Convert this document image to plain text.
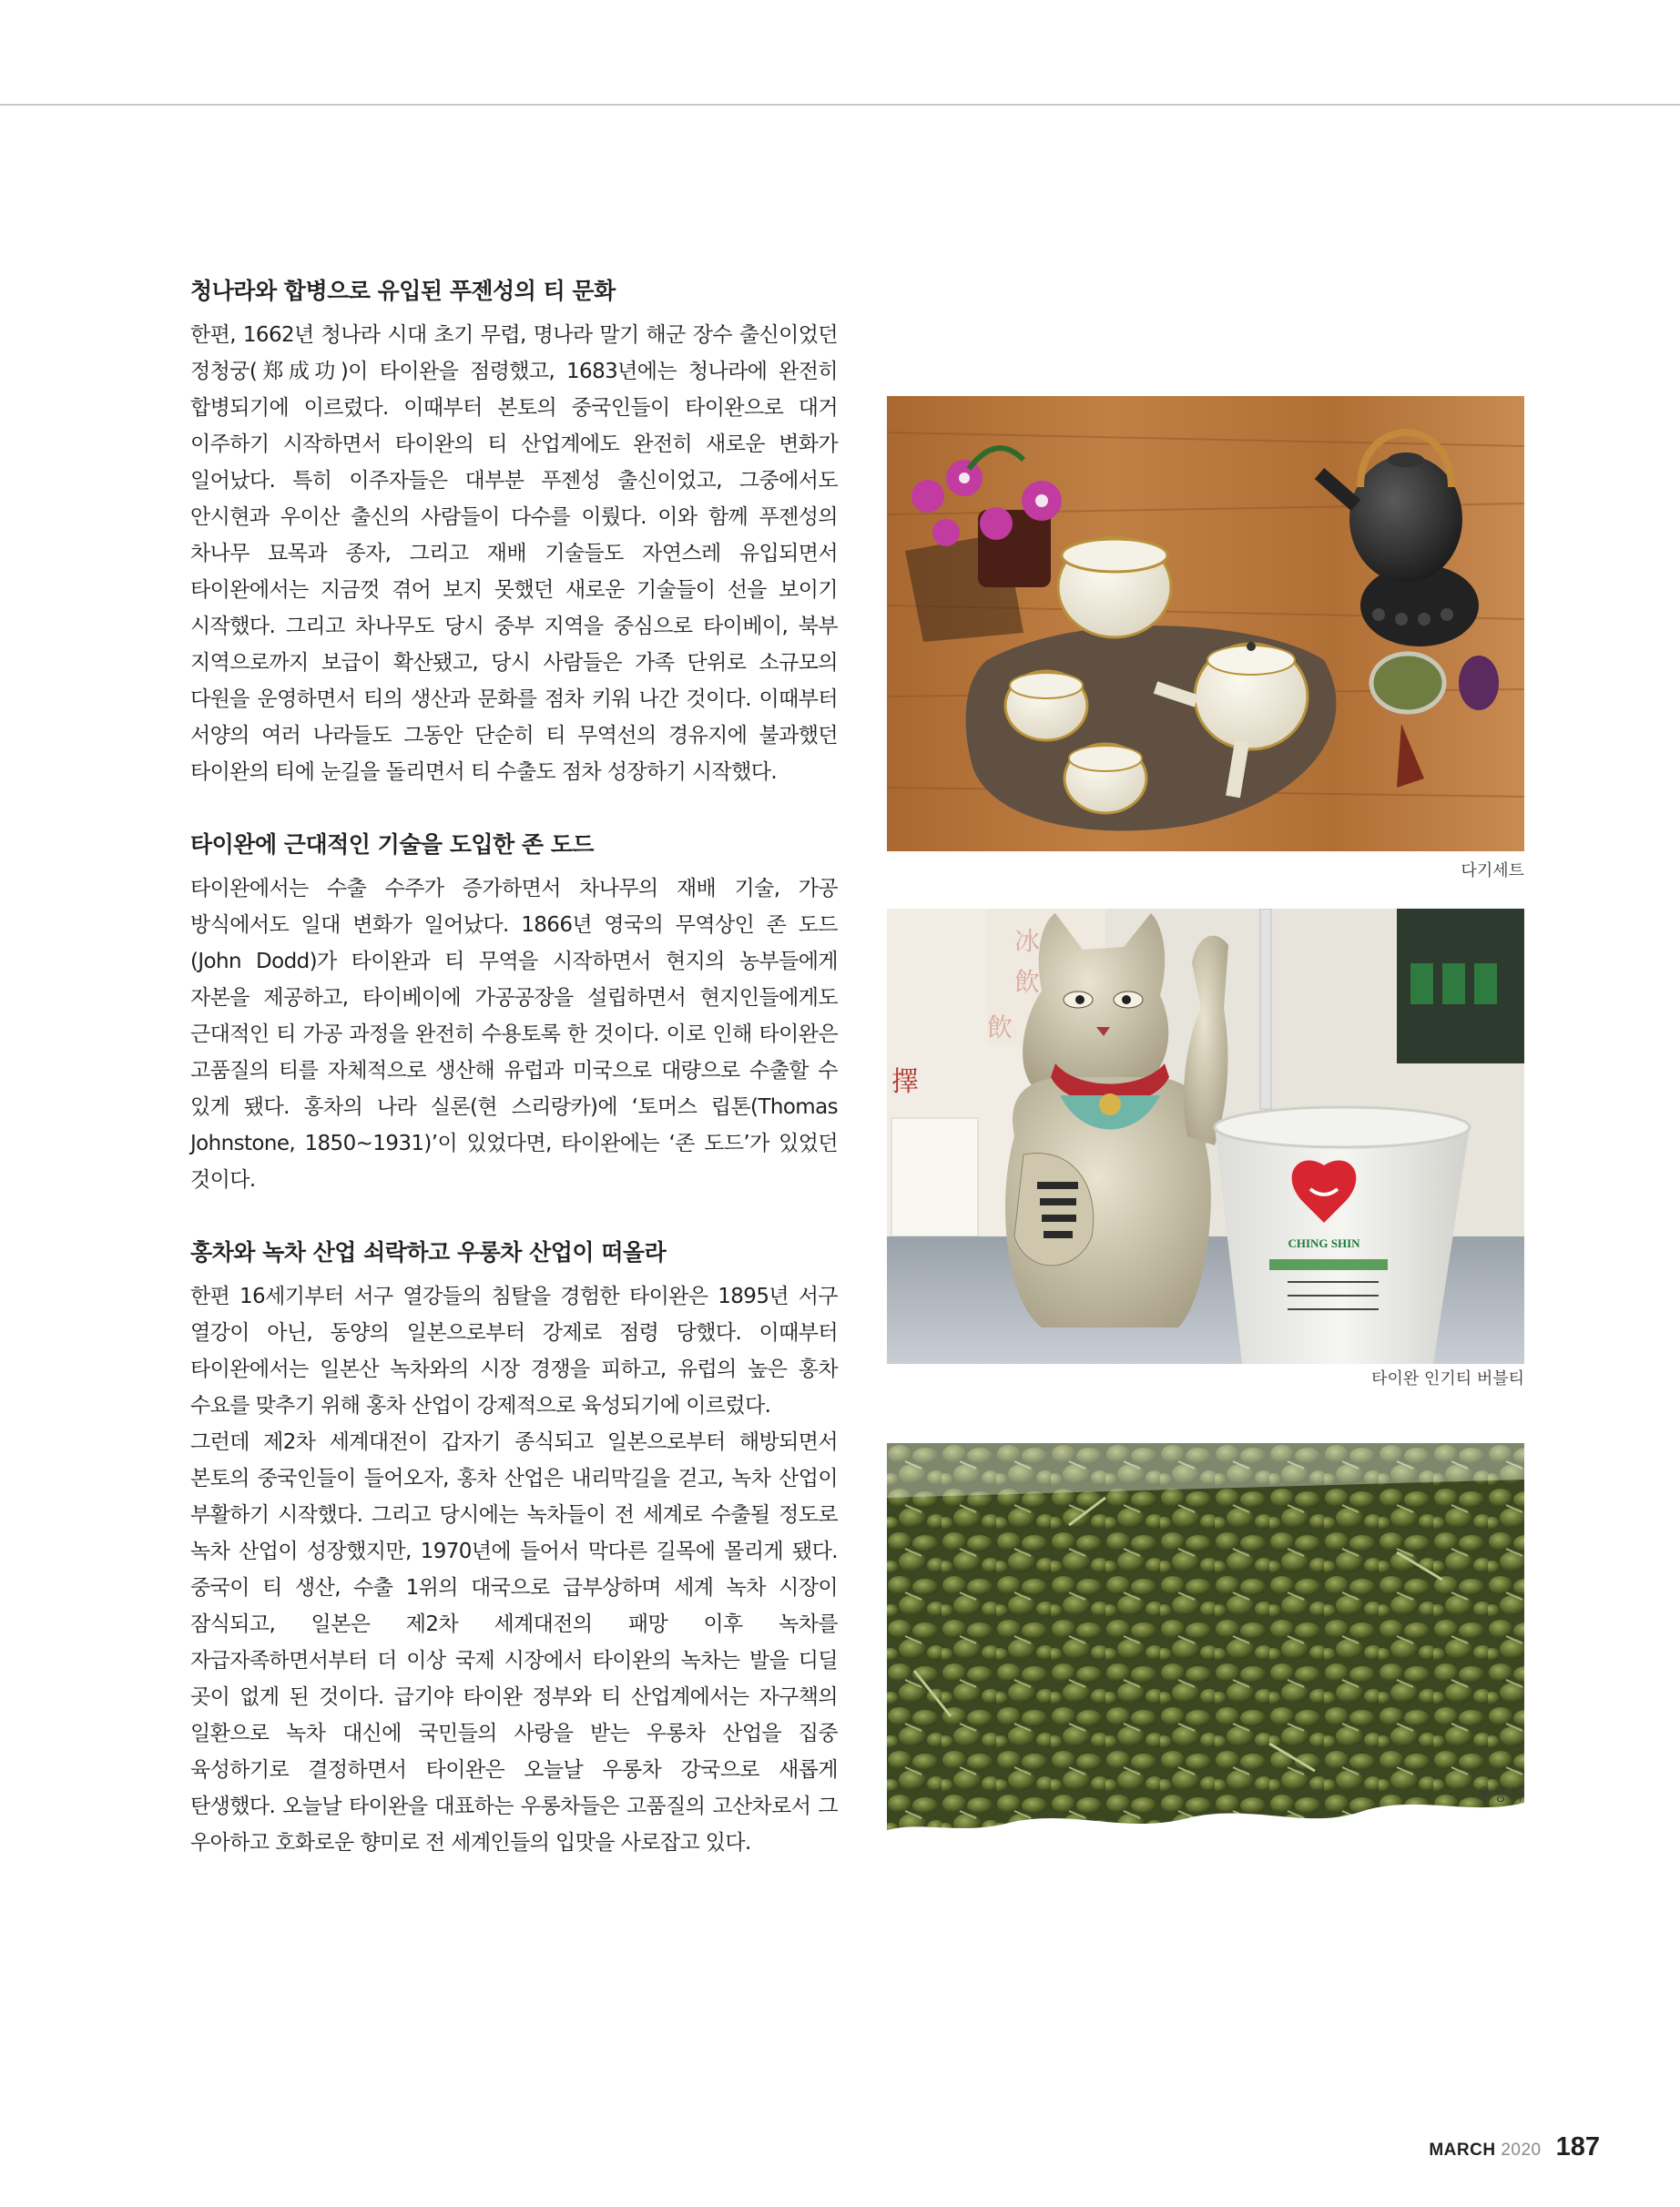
청나라와 합병으로 유입된 푸젠성의 티 문화

한편, 1662년 청나라 시대 초기 무렵, 명나라 말기 해군 장수 출신이었던 정청궁(郑成功)이 타이완을 점령했고, 1683년에는 청나라에 완전히 합병되기에 이르렀다. 이때부터 본토의 중국인들이 타이완으로 대거 이주하기 시작하면서 타이완의 티 산업계에도 완전히 새로운 변화가 일어났다. 특히 이주자들은 대부분 푸젠성 출신이었고, 그중에서도 안시현과 우이산 출신의 사람들이 다수를 이뤘다. 이와 함께 푸젠성의 차나무 묘목과 종자, 그리고 재배 기술들도 자연스레 유입되면서 타이완에서는 지금껏 겪어 보지 못했던 새로운 기술들이 선을 보이기 시작했다. 그리고 차나무도 당시 중부 지역을 중심으로 타이베이, 북부 지역으로까지 보급이 확산됐고, 당시 사람들은 가족 단위로 소규모의 다원을 운영하면서 티의 생산과 문화를 점차 키워 나간 것이다. 이때부터 서양의 여러 나라들도 그동안 단순히 티 무역선의 경유지에 불과했던 타이완의 티에 눈길을 돌리면서 티 수출도 점차 성장하기 시작했다.

타이완에 근대적인 기술을 도입한 존 도드

타이완에서는 수출 수주가 증가하면서 차나무의 재배 기술, 가공 방식에서도 일대 변화가 일어났다. 1866년 영국의 무역상인 존 도드(John Dodd)가 타이완과 티 무역을 시작하면서 현지의 농부들에게 자본을 제공하고, 타이베이에 가공공장을 설립하면서 현지인들에게도 근대적인 티 가공 과정을 완전히 수용토록 한 것이다. 이로 인해 타이완은 고품질의 티를 자체적으로 생산해 유럽과 미국으로 대량으로 수출할 수 있게 됐다. 홍차의 나라 실론(현 스리랑카)에 ‘토머스 립톤(Thomas Johnstone, 1850~1931)’이 있었다면, 타이완에는 ‘존 도드’가 있었던 것이다.

홍차와 녹차 산업 쇠락하고 우롱차 산업이 떠올라

한편 16세기부터 서구 열강들의 침탈을 경험한 타이완은 1895년 서구 열강이 아닌, 동양의 일본으로부터 강제로 점령 당했다. 이때부터 타이완에서는 일본산 녹차와의 시장 경쟁을 피하고, 유럽의 높은 홍차 수요를 맞추기 위해 홍차 산업이 강제적으로 육성되기에 이르렀다.

그런데 제2차 세계대전이 갑자기 종식되고 일본으로부터 해방되면서 본토의 중국인들이 들어오자, 홍차 산업은 내리막길을 걷고, 녹차 산업이 부활하기 시작했다. 그리고 당시에는 녹차들이 전 세계로 수출될 정도로 녹차 산업이 성장했지만, 1970년에 들어서 막다른 길목에 몰리게 됐다. 중국이 티 생산, 수출 1위의 대국으로 급부상하며 세계 녹차 시장이 잠식되고, 일본은 제2차 세계대전의 패망 이후 녹차를 자급자족하면서부터 더 이상 국제 시장에서 타이완의 녹차는 발을 디딜 곳이 없게 된 것이다. 급기야 타이완 정부와 티 산업계에서는 자구책의 일환으로 녹차 대신에 국민들의 사랑을 받는 우롱차 산업을 집중 육성하기로 결정하면서 타이완은 오늘날 우롱차 강국으로 새롭게 탄생했다. 오늘날 타이완을 대표하는 우롱차들은 고품질의 고산차로서 그 우아하고 호화로운 향미로 전 세계인들의 입맛을 사로잡고 있다.

다기세트
冰
飲
飲
擇
CHING SHIN
타이완 인기티 버블티
우롱차
MARCH 2020 187
